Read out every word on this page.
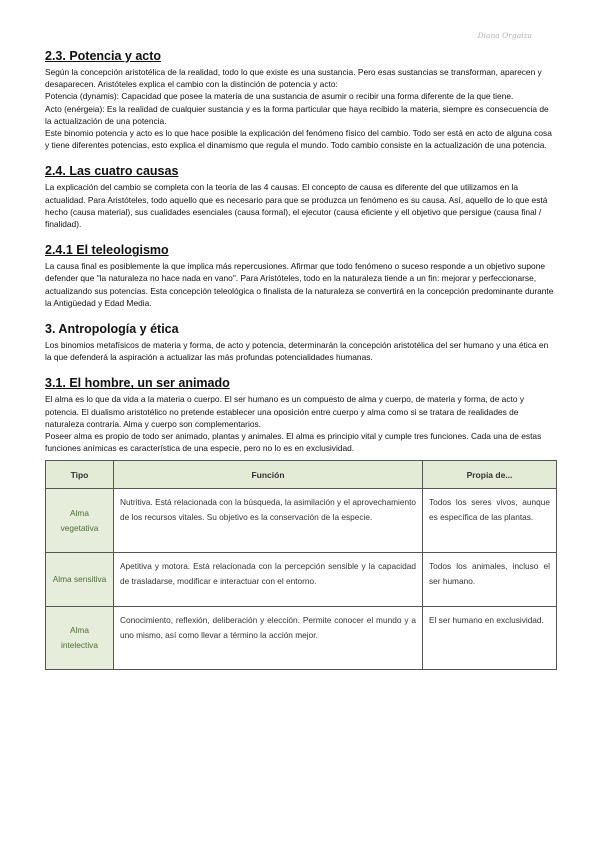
Diana Orgaiza
2.3. Potencia y acto

Según la concepción aristotélica de la realidad, todo lo que existe es una sustancia. Pero esas sustancias se transforman, aparecen y desaparecen. Aristóteles explica el cambio con la distinción de potencia y acto:

Potencia (dynamis): Capacidad que posee la materia de una sustancia de asumir o recibir una forma diferente de la que tiene.

Acto (enérgeia): Es la realidad de cualquier sustancia y es la forma particular que haya recibido la materia, siempre es consecuencia de la actualización de una potencia.

Este binomio potencia y acto es lo que hace posible la explicación del fenómeno físico del cambio. Todo ser está en acto de alguna cosa y tiene diferentes potencias, esto explica el dinamismo que regula el mundo. Todo cambio consiste en la actualización de una potencia.

2.4. Las cuatro causas

La explicación del cambio se completa con la teoría de las 4 causas. El concepto de causa es diferente del que utilizamos en la actualidad. Para Aristóteles, todo aquello que es necesario para que se produzca un fenómeno es su causa. Así, aquello de lo que está hecho (causa material), sus cualidades esenciales (causa formal), el ejecutor (causa eficiente y ell objetivo que persigue (causa final / finalidad).

2.4.1 El teleologismo

La causa final es posiblemente la que implica más repercusiones. Afirmar que todo fenómeno o suceso responde a un objetivo supone defender que "la naturaleza no hace nada en vano". Para Aristóteles, todo en la naturaleza tiende a un fin: mejorar y perfeccionarse, actualizando sus potencias. Esta concepción teleológica o finalista de la naturaleza se convertirá en la concepción predominante durante la Antigüedad y Edad Media.

3. Antropología y ética

Los binomios metafísicos de materia y forma, de acto y potencia, determinarán la concepción aristotélica del ser humano y una ética en la que defenderá la aspiración a actualizar las más profundas potencialidades humanas.

3.1. El hombre, un ser animado

El alma es lo que da vida a la materia o cuerpo. El ser humano es un compuesto de alma y cuerpo, de materia y forma, de acto y potencia. El dualismo aristotélico no pretende establecer una oposición entre cuerpo y alma como si se tratara de realidades de naturaleza contraria. Alma y cuerpo son complementarios.

Poseer alma es propio de todo ser animado, plantas y animales. El alma es principio vital y cumple tres funciones. Cada una de estas funciones anímicas es característica de una especie, pero no lo es en exclusividad.

Tipo	Función	Propia de...
Alma vegetativa	Nutritiva. Está relacionada con la búsqueda, la asimilación y el aprovechamiento de los recursos vitales. Su objetivo es la conservación de la especie.	Todos los seres vivos, aunque es específica de las plantas.
Alma sensitiva	Apetitiva y motora. Está relacionada con la percepción sensible y la capacidad de trasladarse, modificar e interactuar con el entorno.	Todos los animales, incluso el ser humano.
Alma intelectiva	Conocimiento, reflexión, deliberación y elección. Permite conocer el mundo y a uno mismo, así como llevar a término la acción mejor.	El ser humano en exclusividad.
